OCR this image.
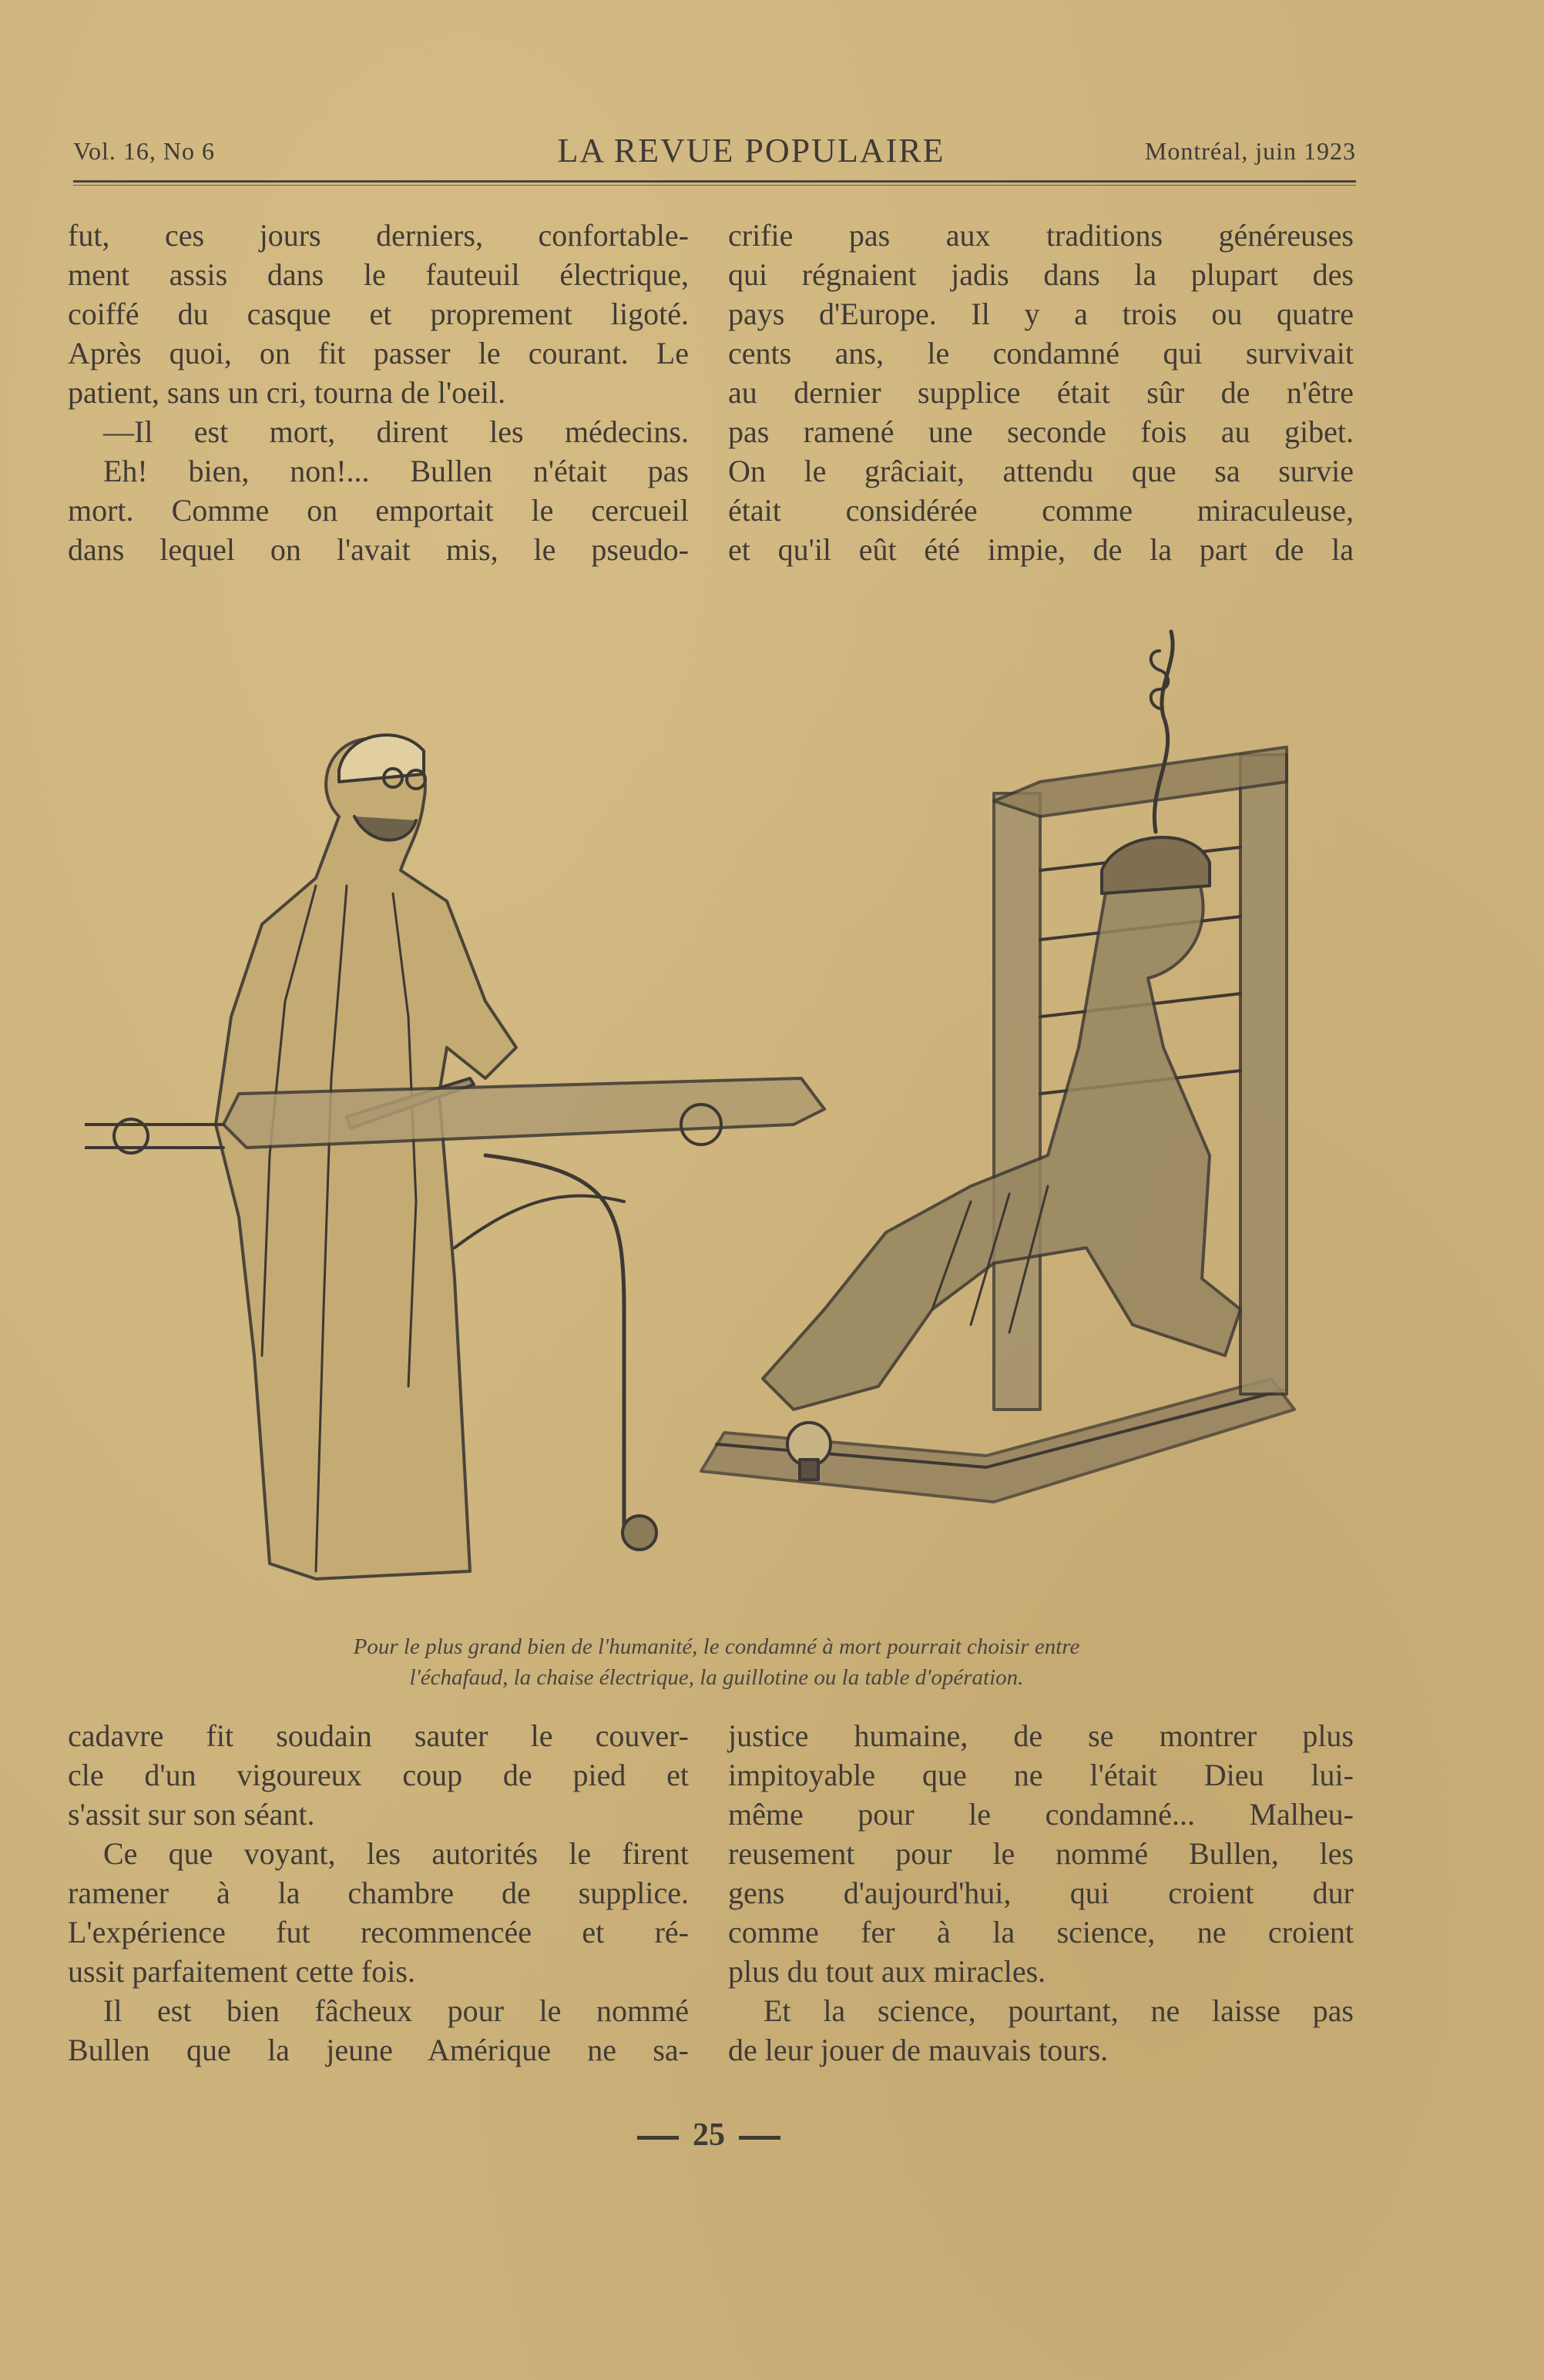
Vol. 16, No 6	LA REVUE POPULAIRE	Montréal, juin 1923
fut, ces jours derniers, confortable-
ment assis dans le fauteuil électrique,
coiffé du casque et proprement ligoté.
Après quoi, on fit passer le courant. Le
patient, sans un cri, tourna de l'oeil.
—Il est mort, dirent les médecins.
Eh! bien, non!... Bullen n'était pas
mort. Comme on emportait le cercueil
dans lequel on l'avait mis, le pseudo-
crifie pas aux traditions généreuses
qui régnaient jadis dans la plupart des
pays d'Europe. Il y a trois ou quatre
cents ans, le condamné qui survivait
au dernier supplice était sûr de n'être
pas ramené une seconde fois au gibet.
On le grâciait, attendu que sa survie
était considérée comme miraculeuse,
et qu'il eût été impie, de la part de la
Pour le plus grand bien de l'humanité, le condamné à mort pourrait choisir entre
l'échafaud, la chaise électrique, la guillotine ou la table d'opération.
cadavre fit soudain sauter le couver-
cle d'un vigoureux coup de pied et
s'assit sur son séant.
Ce que voyant, les autorités le firent
ramener à la chambre de supplice.
L'expérience fut recommencée et ré-
ussit parfaitement cette fois.
Il est bien fâcheux pour le nommé
Bullen que la jeune Amérique ne sa-
justice humaine, de se montrer plus
impitoyable que ne l'était Dieu lui-
même pour le condamné... Malheu-
reusement pour le nommé Bullen, les
gens d'aujourd'hui, qui croient dur
comme fer à la science, ne croient
plus du tout aux miracles.
Et la science, pourtant, ne laisse pas
de leur jouer de mauvais tours.
25
